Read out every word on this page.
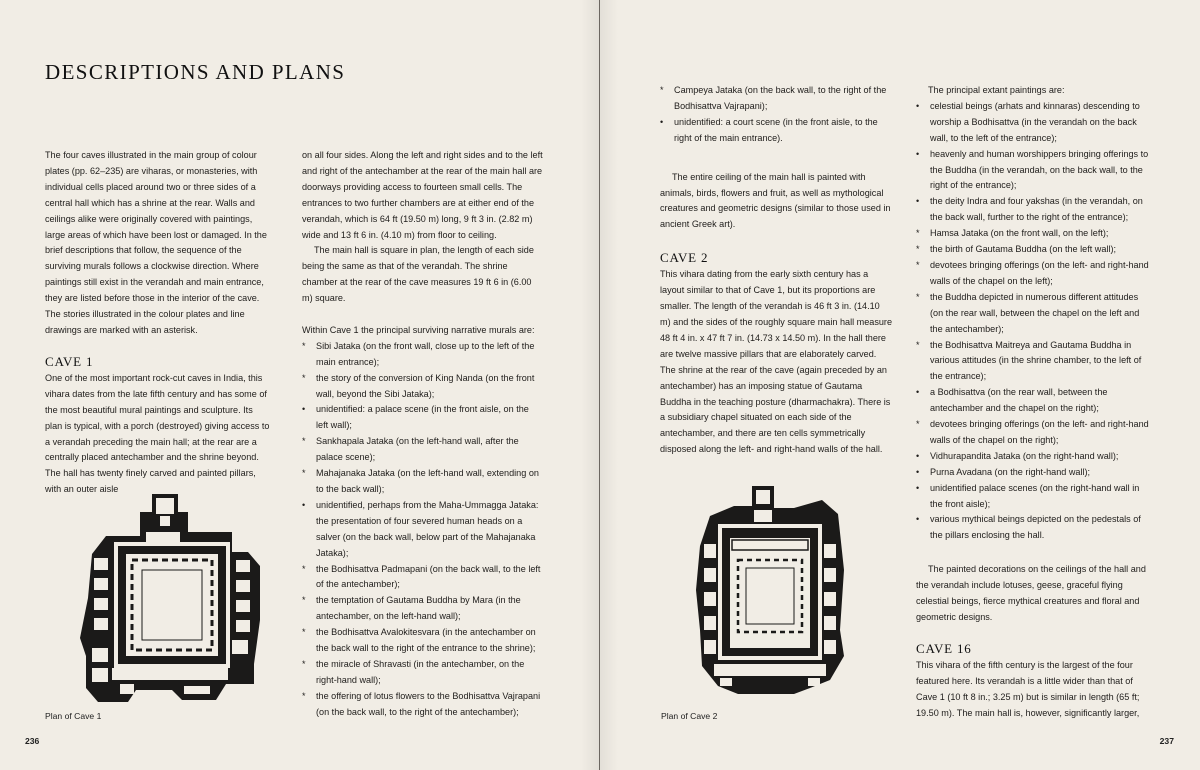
DESCRIPTIONS AND PLANS

The four caves illustrated in the main group of colour plates (pp. 62–235) are viharas, or monasteries, with individual cells placed around two or three sides of a central hall which has a shrine at the rear. Walls and ceilings alike were originally covered with paintings, large areas of which have been lost or damaged. In the brief descriptions that follow, the sequence of the surviving murals follows a clockwise direction. Where paintings still exist in the verandah and main entrance, they are listed before those in the interior of the cave. The stories illustrated in the colour plates and line drawings are marked with an asterisk.

CAVE 1

One of the most important rock-cut caves in India, this vihara dates from the late fifth century and has some of the most beautiful mural paintings and sculpture. Its plan is typical, with a porch (destroyed) giving access to a verandah preceding the main hall; at the rear are a centrally placed antechamber and the shrine beyond. The hall has twenty finely carved and painted pillars, with an outer aisle

on all four sides. Along the left and right sides and to the left and right of the antechamber at the rear of the main hall are doorways providing access to fourteen small cells. The entrances to two further chambers are at either end of the verandah, which is 64 ft (19.50 m) long, 9 ft 3 in. (2.82 m) wide and 13 ft 6 in. (4.10 m) from floor to ceiling.

The main hall is square in plan, the length of each side being the same as that of the verandah. The shrine chamber at the rear of the cave measures 19 ft 6 in (6.00 m) square.

Within Cave 1 the principal surviving narrative murals are:

* Sibi Jataka (on the front wall, close up to the left of the main entrance);
* the story of the conversion of King Nanda (on the front wall, beyond the Sibi Jataka);
• unidentified: a palace scene (in the front aisle, on the left wall);
* Sankhapala Jataka (on the left-hand wall, after the palace scene);
* Mahajanaka Jataka (on the left-hand wall, extending on to the back wall);
• unidentified, perhaps from the Maha-Ummagga Jataka: the presentation of four severed human heads on a salver (on the back wall, below part of the Mahajanaka Jataka);
* the Bodhisattva Padmapani (on the back wall, to the left of the antechamber);
* the temptation of Gautama Buddha by Mara (in the antechamber, on the left-hand wall);
* the Bodhisattva Avalokitesvara (in the antechamber on the back wall to the right of the entrance to the shrine);
* the miracle of Shravasti (in the antechamber, on the right-hand wall);
* the offering of lotus flowers to the Bodhisattva Vajrapani (on the back wall, to the right of the antechamber);
Plan of Cave 1
236
* Campeya Jataka (on the back wall, to the right of the Bodhisattva Vajrapani);
• unidentified: a court scene (in the front aisle, to the right of the main entrance).

The entire ceiling of the main hall is painted with animals, birds, flowers and fruit, as well as mythological creatures and geometric designs (similar to those used in ancient Greek art).

CAVE 2

This vihara dating from the early sixth century has a layout similar to that of Cave 1, but its proportions are smaller. The length of the verandah is 46 ft 3 in. (14.10 m) and the sides of the roughly square main hall measure 48 ft 4 in. x 47 ft 7 in. (14.73 x 14.50 m). In the hall there are twelve massive pillars that are elaborately carved. The shrine at the rear of the cave (again preceded by an antechamber) has an imposing statue of Gautama Buddha in the teaching posture (dharmachakra). There is a subsidiary chapel situated on each side of the antechamber, and there are ten cells symmetrically disposed along the left- and right-hand walls of the hall.

The principal extant paintings are:

• celestial beings (arhats and kinnaras) descending to worship a Bodhisattva (in the verandah on the back wall, to the left of the entrance);
• heavenly and human worshippers bringing offerings to the Buddha (in the verandah, on the back wall, to the right of the entrance);
• the deity Indra and four yakshas (in the verandah, on the back wall, further to the right of the entrance);
* Hamsa Jataka (on the front wall, on the left);
* the birth of Gautama Buddha (on the left wall);
* devotees bringing offerings (on the left- and right-hand walls of the chapel on the left);
* the Buddha depicted in numerous different attitudes (on the rear wall, between the chapel on the left and the antechamber);
* the Bodhisattva Maitreya and Gautama Buddha in various attitudes (in the shrine chamber, to the left of the entrance);
• a Bodhisattva (on the rear wall, between the antechamber and the chapel on the right);
* devotees bringing offerings (on the left- and right-hand walls of the chapel on the right);
• Vidhurapandita Jataka (on the right-hand wall);
• Purna Avadana (on the right-hand wall);
• unidentified palace scenes (on the right-hand wall in the front aisle);
• various mythical beings depicted on the pedestals of the pillars enclosing the hall.

The painted decorations on the ceilings of the hall and the verandah include lotuses, geese, graceful flying celestial beings, fierce mythical creatures and floral and geometric designs.

CAVE 16

This vihara of the fifth century is the largest of the four featured here. Its verandah is a little wider than that of Cave 1 (10 ft 8 in.; 3.25 m) but is similar in length (65 ft; 19.50 m). The main hall is, however, significantly larger,

Plan of Cave 2
237
